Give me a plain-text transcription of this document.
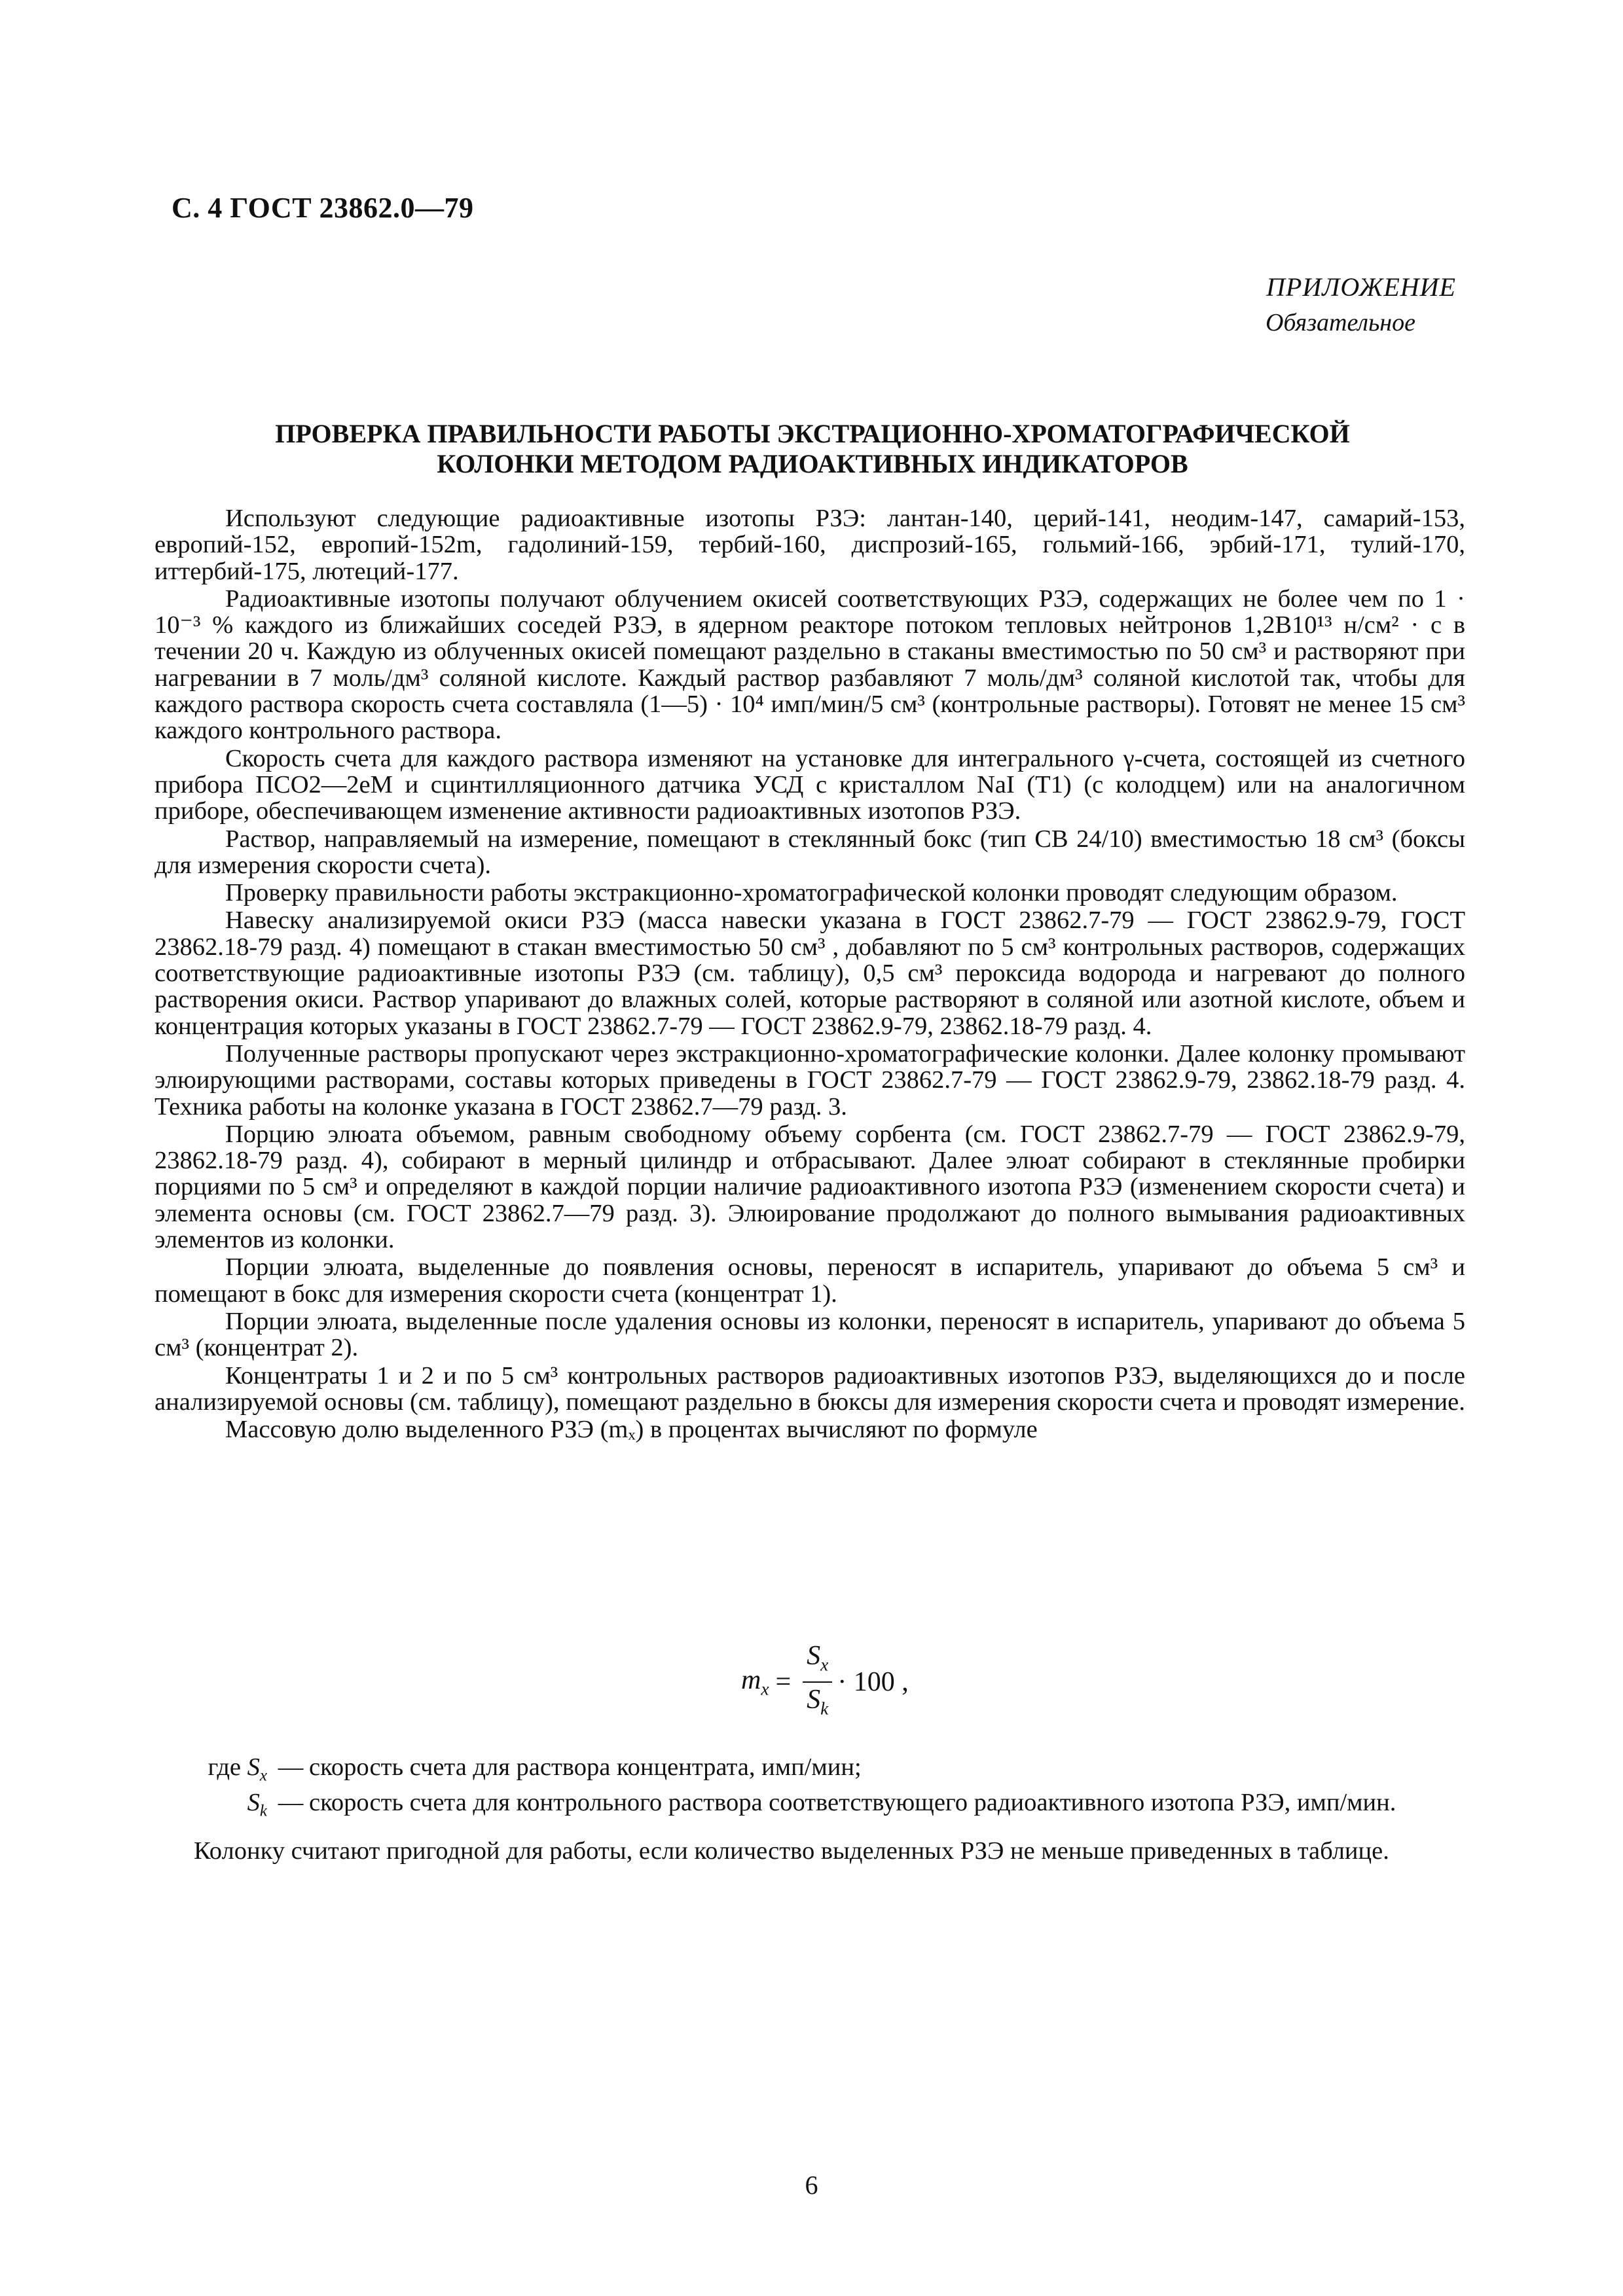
С. 4 ГОСТ 23862.0—79
ПРИЛОЖЕНИЕ
Обязательное
ПРОВЕРКА ПРАВИЛЬНОСТИ РАБОТЫ ЭКСТРАЦИОННО-ХРОМАТОГРАФИЧЕСКОЙ
КОЛОНКИ МЕТОДОМ РАДИОАКТИВНЫХ ИНДИКАТОРОВ

Используют следующие радиоактивные изотопы РЗЭ: лантан-140, церий-141, неодим-147, самарий-153, европий-152, европий-152m, гадолиний-159, тербий-160, диспрозий-165, гольмий-166, эрбий-171, тулий-170, иттербий-175, лютеций-177.

Радиоактивные изотопы получают облучением окисей соответствующих РЗЭ, содержащих не более чем по 1 · 10⁻³ % каждого из ближайших соседей РЗЭ, в ядерном реакторе потоком тепловых нейтронов 1,2В10¹³ н/см² · с в течении 20 ч. Каждую из облученных окисей помещают раздельно в стаканы вместимостью по 50 см³ и растворяют при нагревании в 7 моль/дм³ соляной кислоте. Каждый раствор разбавляют 7 моль/дм³ соляной кислотой так, чтобы для каждого раствора скорость счета составляла (1—5) · 10⁴ имп/мин/5 см³ (контрольные растворы). Готовят не менее 15 см³ каждого контрольного раствора.

Скорость счета для каждого раствора изменяют на установке для интегрального γ-счета, состоящей из счетного прибора ПСО2—2еМ и сцинтилляционного датчика УСД с кристаллом NaI (Т1) (с колодцем) или на аналогичном приборе, обеспечивающем изменение активности радиоактивных изотопов РЗЭ.

Раствор, направляемый на измерение, помещают в стеклянный бокс (тип СВ 24/10) вместимостью 18 см³ (боксы для измерения скорости счета).

Проверку правильности работы экстракционно-хроматографической колонки проводят следующим образом.

Навеску анализируемой окиси РЗЭ (масса навески указана в ГОСТ 23862.7-79 — ГОСТ 23862.9-79, ГОСТ 23862.18-79 разд. 4) помещают в стакан вместимостью 50 см³ , добавляют по 5 см³ контрольных растворов, содержащих соответствующие радиоактивные изотопы РЗЭ (см. таблицу), 0,5 см³ пероксида водорода и нагревают до полного растворения окиси. Раствор упаривают до влажных солей, которые растворяют в соляной или азотной кислоте, объем и концентрация которых указаны в ГОСТ 23862.7-79 — ГОСТ 23862.9-79, 23862.18-79 разд. 4.

Полученные растворы пропускают через экстракционно-хроматографические колонки. Далее колонку промывают элюирующими растворами, составы которых приведены в ГОСТ 23862.7-79 — ГОСТ 23862.9-79, 23862.18-79 разд. 4. Техника работы на колонке указана в ГОСТ 23862.7—79 разд. 3.

Порцию элюата объемом, равным свободному объему сорбента (см. ГОСТ 23862.7-79 — ГОСТ 23862.9-79, 23862.18-79 разд. 4), собирают в мерный цилиндр и отбрасывают. Далее элюат собирают в стеклянные пробирки порциями по 5 см³ и определяют в каждой порции наличие радиоактивного изотопа РЗЭ (изменением скорости счета) и элемента основы (см. ГОСТ 23862.7—79 разд. 3). Элюирование продолжают до полного вымывания радиоактивных элементов из колонки.

Порции элюата, выделенные до появления основы, переносят в испаритель, упаривают до объема 5 см³ и помещают в бокс для измерения скорости счета (концентрат 1).

Порции элюата, выделенные после удаления основы из колонки, переносят в испаритель, упаривают до объема 5 см³ (концентрат 2).

Концентраты 1 и 2 и по 5 см³ контрольных растворов радиоактивных изотопов РЗЭ, выделяющихся до и после анализируемой основы (см. таблицу), помещают раздельно в бюксы для измерения скорости счета и проводят измерение.

Массовую долю выделенного РЗЭ (mₓ) в процентах вычисляют по формуле

$m_x = \frac{S_x}{S_k} \cdot 100$ ,
где $S_x$ — скорость счета для раствора концентрата, имп/мин;
$S_k$ — скорость счета для контрольного раствора соответствующего радиоактивного изотопа РЗЭ, имп/мин.

Колонку считают пригодной для работы, если количество выделенных РЗЭ не меньше приведенных в таблице.

6
